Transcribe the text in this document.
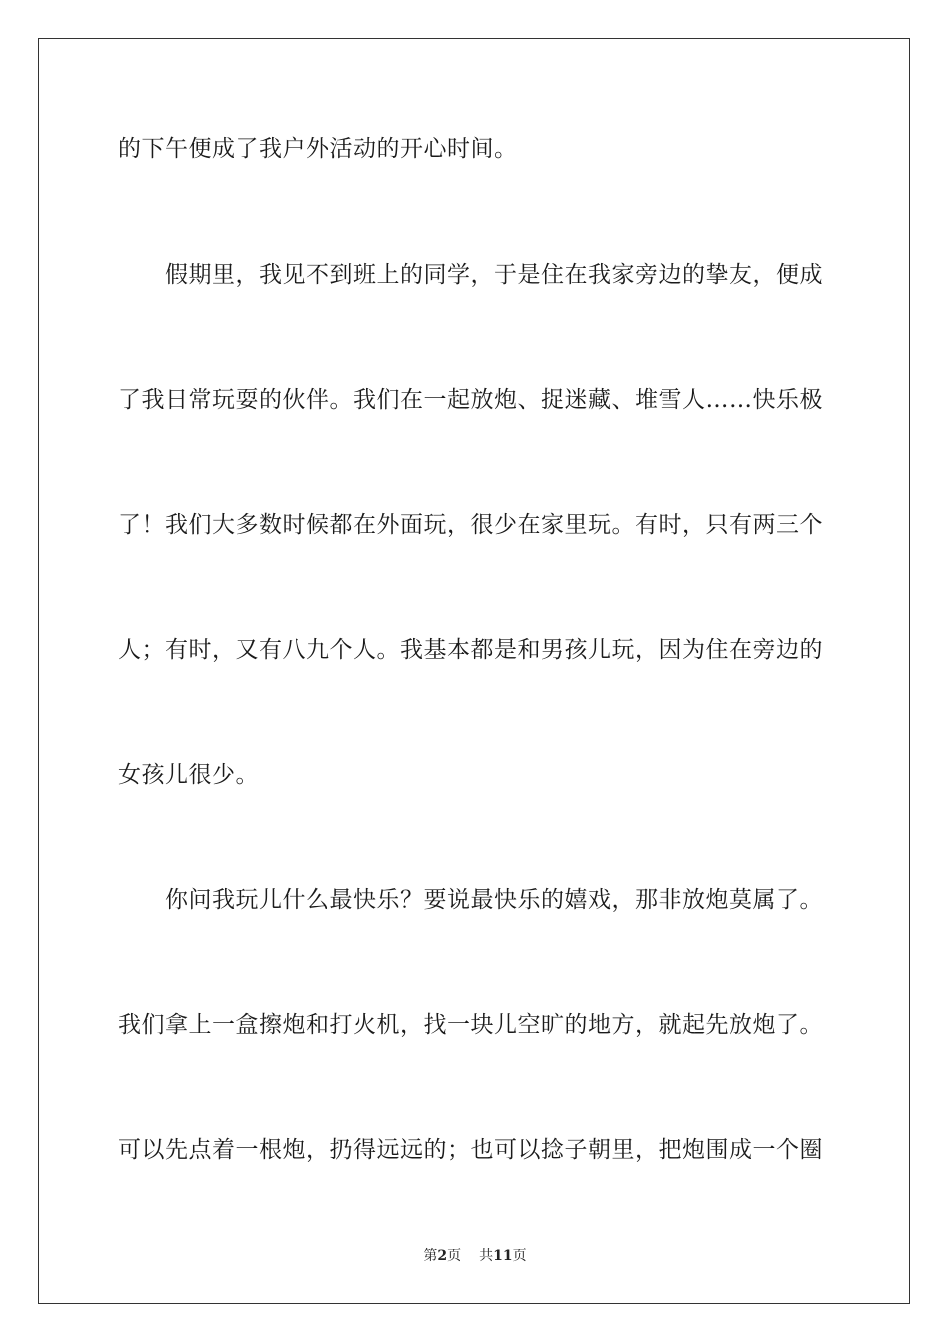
的下午便成了我户外活动的开心时间。
　　假期里，我见不到班上的同学，于是住在我家旁边的挚友，便成
了我日常玩耍的伙伴。我们在一起放炮、捉迷藏、堆雪人……快乐极
了！我们大多数时候都在外面玩，很少在家里玩。有时，只有两三个
人；有时，又有八九个人。我基本都是和男孩儿玩，因为住在旁边的
女孩儿很少。
　　你问我玩儿什么最快乐？要说最快乐的嬉戏，那非放炮莫属了。
我们拿上一盒擦炮和打火机，找一块儿空旷的地方，就起先放炮了。
可以先点着一根炮，扔得远远的；也可以捻子朝里，把炮围成一个圈
第2页 共11页
